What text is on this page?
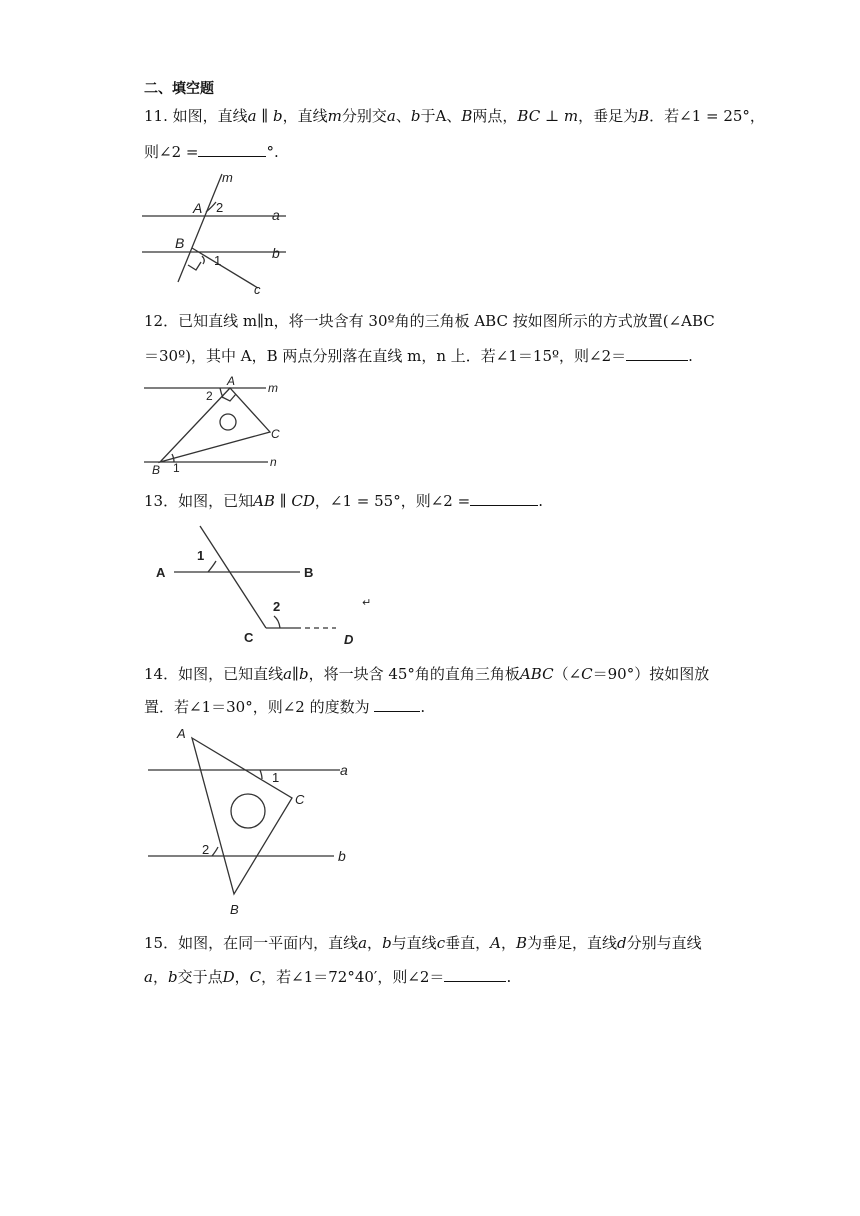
二、填空题
11. 如图，直线a ∥ b，直线m分别交a、b于A、B两点，BC ⊥ m，垂足为B．若∠1 = 25°，
则∠2 =	°.
m
a
b
c
A
B
2
1
12．已知直线 m∥n，将一块含有 30º角的三角板 ABC 按如图所示的方式放置(∠ABC
＝30º)，其中 A，B 两点分别落在直线 m，n 上．若∠1＝15º，则∠2＝	.
A	m
n
C
B
2
1
13．如图，已知AB ∥ CD，∠1 = 55°，则∠2 =	.
A	B
C	D
1
2	↵
14．如图，已知直线a∥b，将一块含 45°角的直角三角板ABC（∠C＝90°）按如图放
置．若∠1＝30°，则∠2 的度数为	.
A
a
b
C
B
1
2
15．如图，在同一平面内，直线a，b与直线c垂直，A，B为垂足，直线d分别与直线
a，b交于点D，C，若∠1＝72°40′，则∠2＝	.
